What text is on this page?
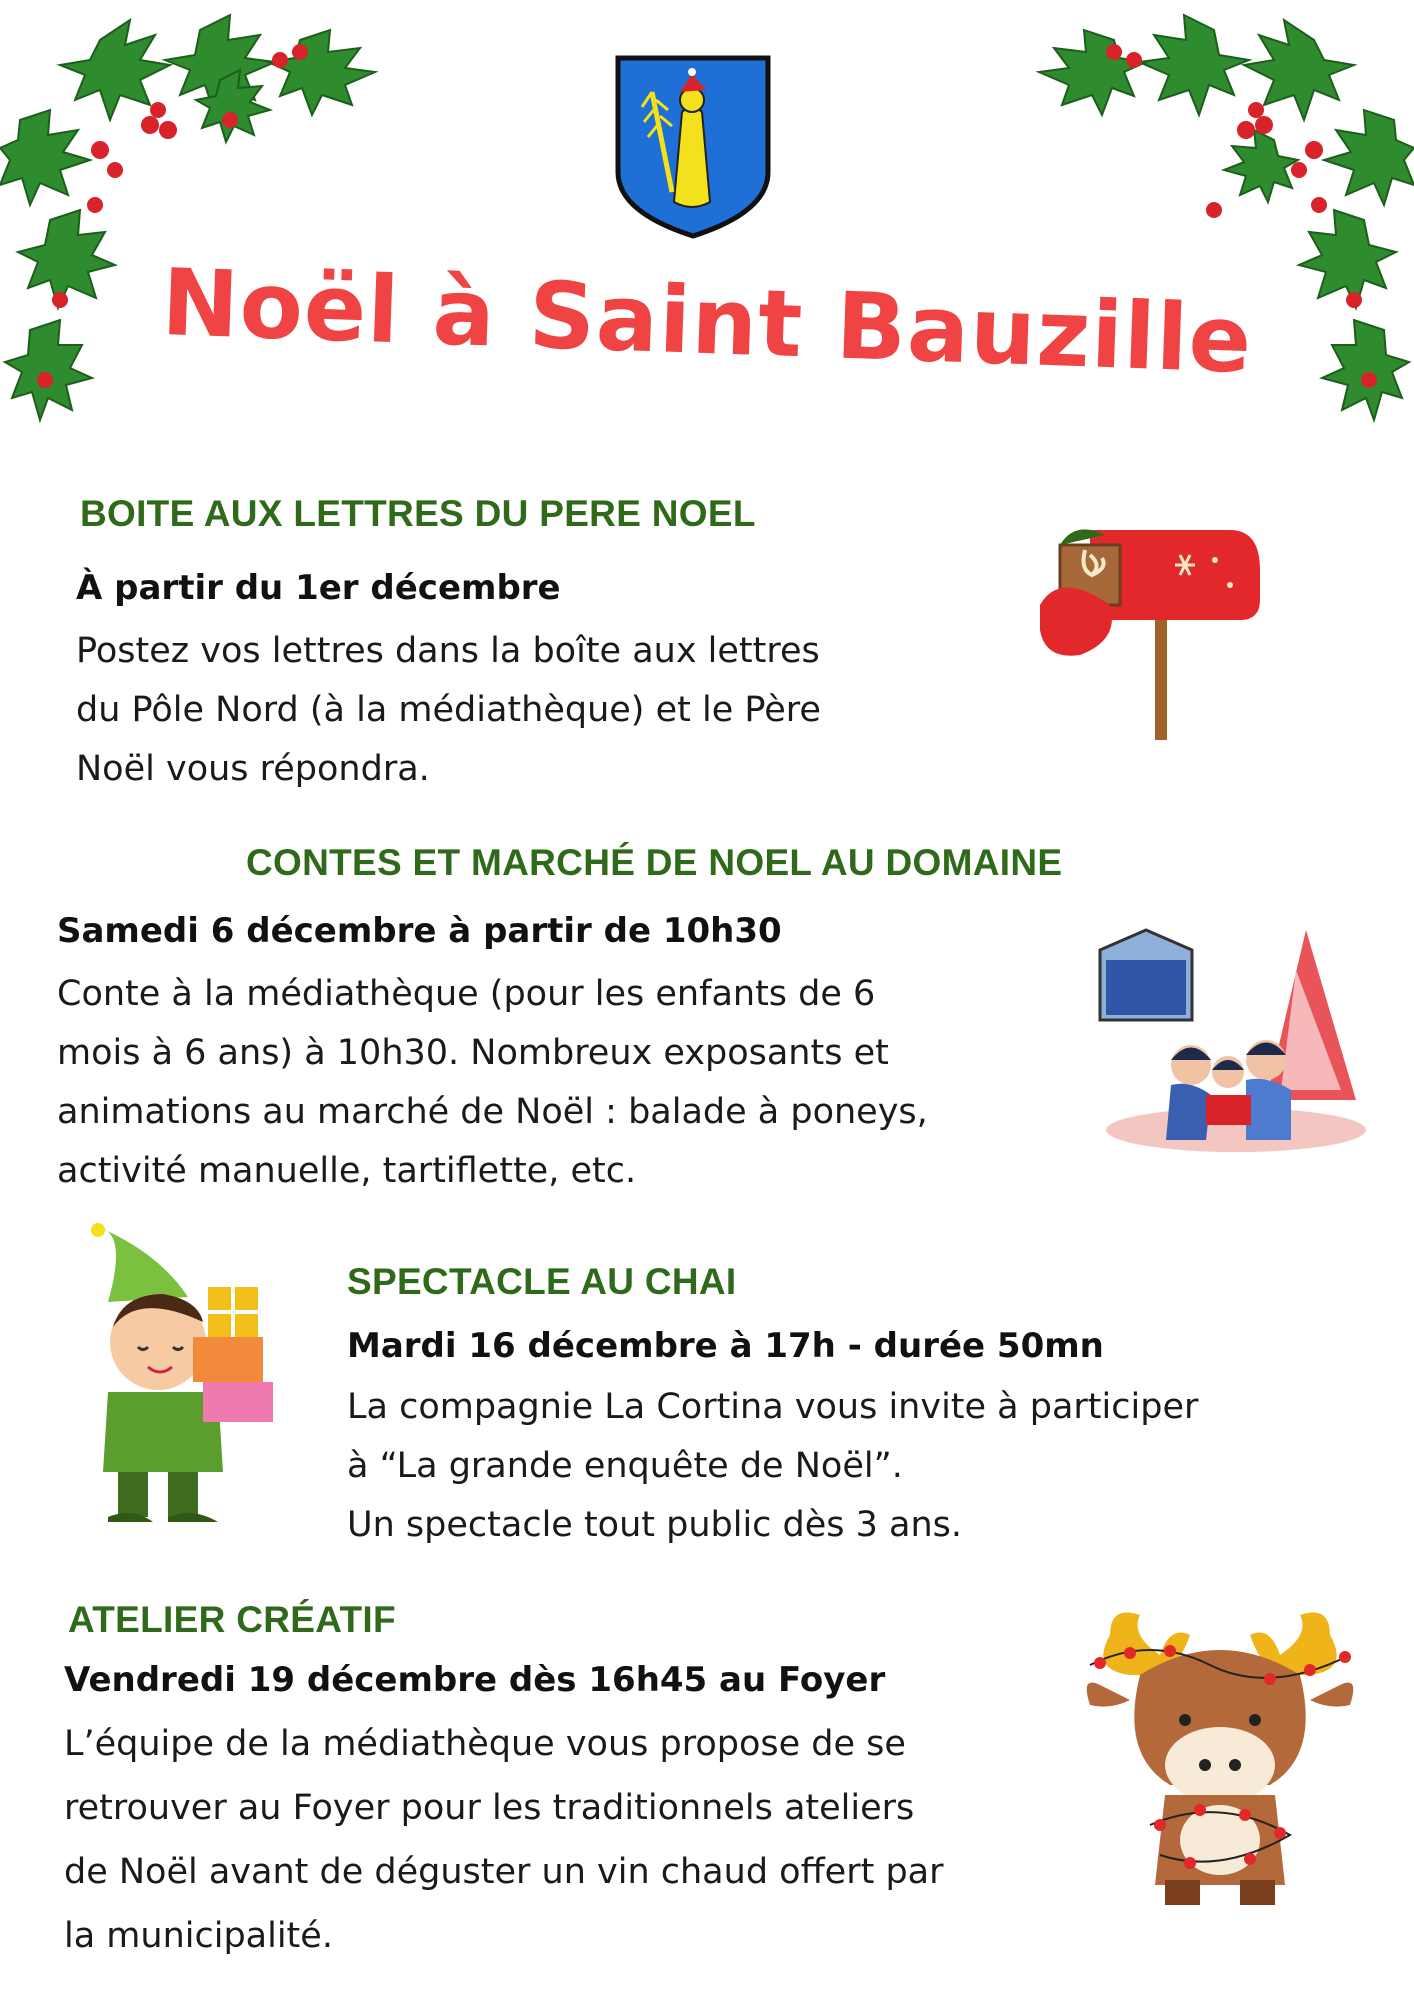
Noël à Saint Bauzille
BOITE AUX LETTRES DU PERE NOEL
À partir du 1er décembre
Postez vos lettres dans la boîte aux lettres
du Pôle Nord (à la médiathèque) et le Père
Noël vous répondra.
CONTES ET MARCHÉ DE NOEL AU DOMAINE
Samedi 6 décembre à partir de 10h30
Conte à la médiathèque (pour les enfants de 6
mois à 6 ans) à 10h30. Nombreux exposants et
animations au marché de Noël : balade à poneys,
activité manuelle, tartiflette, etc.
SPECTACLE AU CHAI
Mardi 16 décembre à 17h - durée 50mn
La compagnie La Cortina vous invite à participer
à “La grande enquête de Noël”.
Un spectacle tout public dès 3 ans.
ATELIER CRÉATIF
Vendredi 19 décembre dès 16h45 au Foyer
L’équipe de la médiathèque vous propose de se
retrouver au Foyer pour les traditionnels ateliers
de Noël avant de déguster un vin chaud offert par
la municipalité.
